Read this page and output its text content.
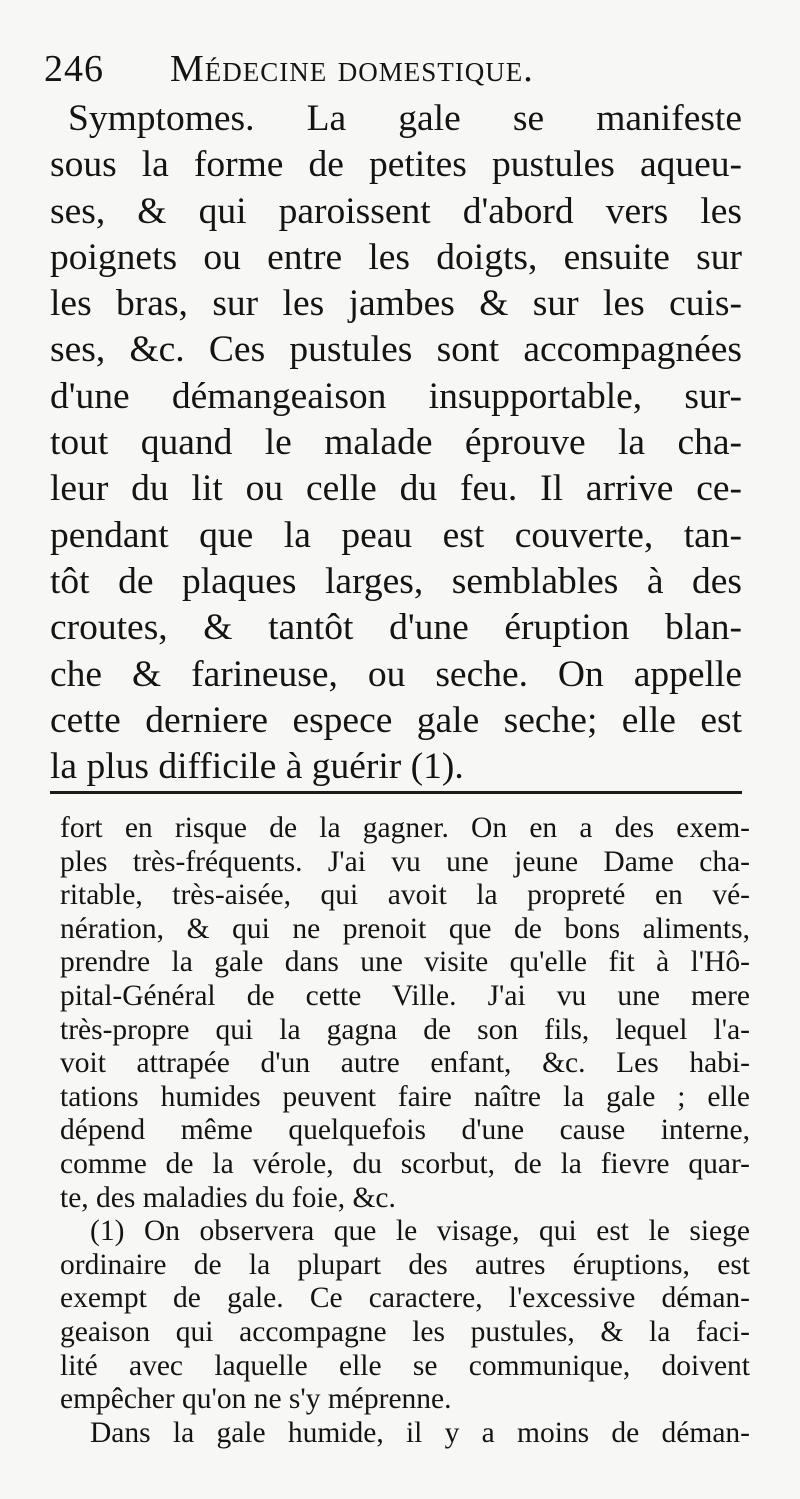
246 Médecine domestique.
Symptomes. La gale se manifeste
sous la forme de petites pustules aqueu-
ses, & qui paroissent d'abord vers les
poignets ou entre les doigts, ensuite sur
les bras, sur les jambes & sur les cuis-
ses, &c. Ces pustules sont accompagnées
d'une démangeaison insupportable, sur-
tout quand le malade éprouve la cha-
leur du lit ou celle du feu. Il arrive ce-
pendant que la peau est couverte, tan-
tôt de plaques larges, semblables à des
croutes, & tantôt d'une éruption blan-
che & farineuse, ou seche. On appelle
cette derniere espece gale seche; elle est
la plus difficile à guérir (1).
fort en risque de la gagner. On en a des exem-
ples très-fréquents. J'ai vu une jeune Dame cha-
ritable, très-aisée, qui avoit la propreté en vé-
nération, & qui ne prenoit que de bons aliments,
prendre la gale dans une visite qu'elle fit à l'Hô-
pital-Général de cette Ville. J'ai vu une mere
très-propre qui la gagna de son fils, lequel l'a-
voit attrapée d'un autre enfant, &c. Les habi-
tations humides peuvent faire naître la gale ; elle
dépend même quelquefois d'une cause interne,
comme de la vérole, du scorbut, de la fievre quar-
te, des maladies du foie, &c.
(1) On observera que le visage, qui est le siege
ordinaire de la plupart des autres éruptions, est
exempt de gale. Ce caractere, l'excessive déman-
geaison qui accompagne les pustules, & la faci-
lité avec laquelle elle se communique, doivent
empêcher qu'on ne s'y méprenne.
Dans la gale humide, il y a moins de déman-
